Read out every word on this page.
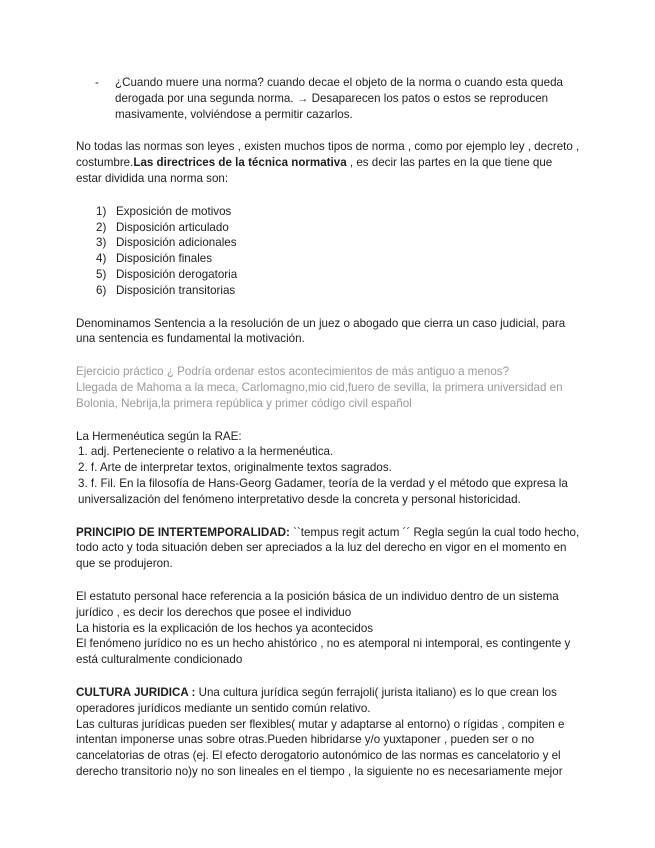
- ¿Cuando muere una norma? cuando decae el objeto de la norma o cuando esta queda derogada por una segunda norma. → Desaparecen los patos o estos se reproducen masivamente, volviéndose a permitir cazarlos.

No todas las normas son leyes , existen muchos tipos de norma , como por ejemplo ley , decreto , costumbre.Las directrices de la técnica normativa , es decir las partes en la que tiene que estar dividida una norma son:

1) Exposición de motivos
2) Disposición articulado
3) Disposición adicionales
4) Disposición finales
5) Disposición derogatoria
6) Disposición transitorias

Denominamos Sentencia a la resolución de un juez o abogado que cierra un caso judicial, para una sentencia es fundamental la motivación.

Ejercicio práctico ¿ Podría ordenar estos acontecimientos de más antiguo a menos?

Llegada de Mahoma a la meca, Carlomagno,mio cid,fuero de sevilla, la primera universidad en Bolonia, Nebrija,la primera república y primer código civil español

La Hermenéutica según la RAE:

1. adj. Perteneciente o relativo a la hermenéutica.
2. f. Arte de interpretar textos, originalmente textos sagrados.
3. f. Fil. En la filosofía de Hans-Georg Gadamer, teoría de la verdad y el método que expresa la universalización del fenómeno interpretativo desde la concreta y personal historicidad.

PRINCIPIO DE INTERTEMPORALIDAD: ``tempus regit actum ´´ Regla según la cual todo hecho, todo acto y toda situación deben ser apreciados a la luz del derecho en vigor en el momento en que se produjeron.

El estatuto personal hace referencia a la posición básica de un individuo dentro de un sistema jurídico , es decir los derechos que posee el individuo

La historia es la explicación de los hechos ya acontecidos

El fenómeno jurídico no es un hecho ahistórico , no es atemporal ni intemporal, es contingente y está culturalmente condicionado

CULTURA JURIDICA : Una cultura jurídica según ferrajoli( jurista italiano) es lo que crean los operadores jurídicos mediante un sentido común relativo.

Las culturas jurídicas pueden ser flexibles( mutar y adaptarse al entorno) o rígidas , compiten e intentan imponerse unas sobre otras.Pueden hibridarse y/o yuxtaponer , pueden ser o no cancelatorias de otras (ej. El efecto derogatorio autonómico de las normas es cancelatorio y el derecho transitorio no)y no son lineales en el tiempo , la siguiente no es necesariamente mejor
